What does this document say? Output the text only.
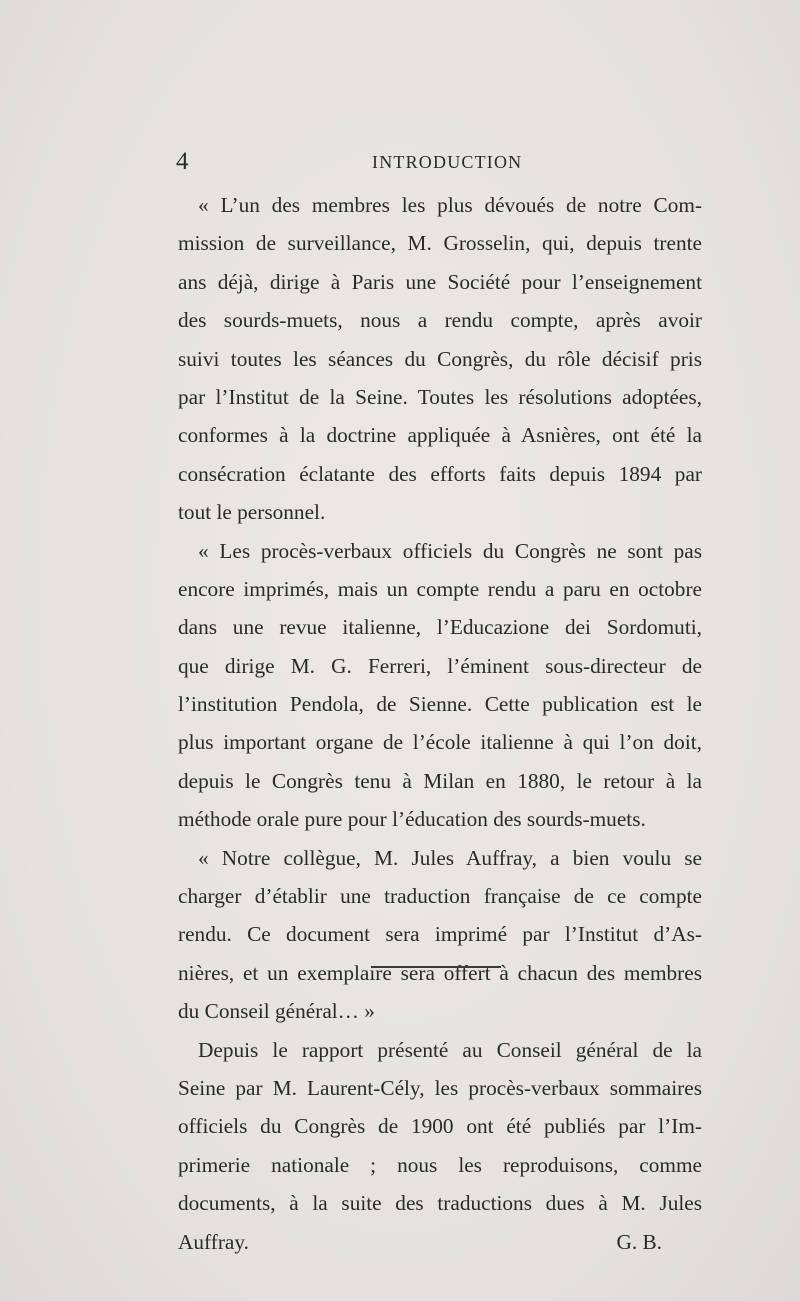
4	INTRODUCTION
« L’un des membres les plus dévoués de notre Com-
mission de surveillance, M. Grosselin, qui, depuis trente
ans déjà, dirige à Paris une Société pour l’enseignement
des sourds-muets, nous a rendu compte, après avoir
suivi toutes les séances du Congrès, du rôle décisif pris
par l’Institut de la Seine. Toutes les résolutions adoptées,
conformes à la doctrine appliquée à Asnières, ont été la
consécration éclatante des efforts faits depuis 1894 par
tout le personnel.
« Les procès-verbaux officiels du Congrès ne sont pas
encore imprimés, mais un compte rendu a paru en octobre
dans une revue italienne, l’Educazione dei Sordomuti,
que dirige M. G. Ferreri, l’éminent sous-directeur de
l’institution Pendola, de Sienne. Cette publication est le
plus important organe de l’école italienne à qui l’on doit,
depuis le Congrès tenu à Milan en 1880, le retour à la
méthode orale pure pour l’éducation des sourds-muets.
« Notre collègue, M. Jules Auffray, a bien voulu se
charger d’établir une traduction française de ce compte
rendu. Ce document sera imprimé par l’Institut d’As-
nières, et un exemplaire sera offert à chacun des membres
du Conseil général… »
Depuis le rapport présenté au Conseil général de la
Seine par M. Laurent-Cély, les procès-verbaux sommaires
officiels du Congrès de 1900 ont été publiés par l’Im-
primerie nationale ; nous les reproduisons, comme
documents, à la suite des traductions dues à M. Jules
Auffray.	G. B.
